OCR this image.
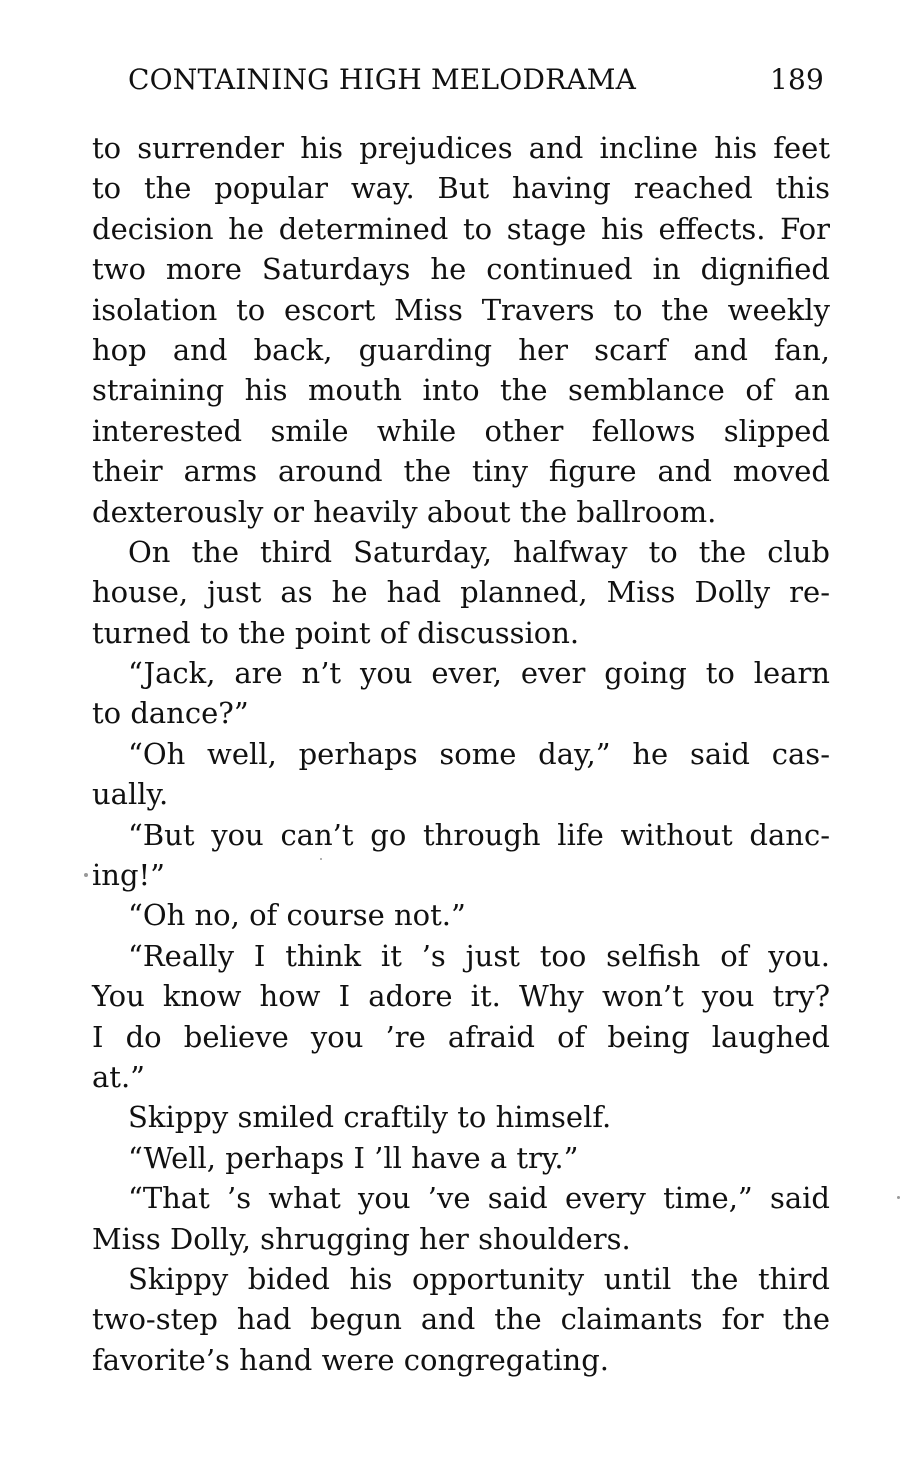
CONTAINING HIGH MELODRAMA	189
to surrender his prejudices and incline his feet
to the popular way. But having reached this
decision he determined to stage his effects. For
two more Saturdays he continued in dignified
isolation to escort Miss Travers to the weekly
hop and back, guarding her scarf and fan,
straining his mouth into the semblance of an
interested smile while other fellows slipped
their arms around the tiny figure and moved
dexterously or heavily about the ballroom.
On the third Saturday, halfway to the club
house, just as he had planned, Miss Dolly re-
turned to the point of discussion.
“Jack, are n’t you ever, ever going to learn
to dance?”
“Oh well, perhaps some day,” he said cas-
ually.
“But you can’t go through life without danc-
ing!”
“Oh no, of course not.”
“Really I think it ’s just too selfish of you.
You know how I adore it. Why won’t you try?
I do believe you ’re afraid of being laughed
at.”
Skippy smiled craftily to himself.
“Well, perhaps I ’ll have a try.”
“That ’s what you ’ve said every time,” said
Miss Dolly, shrugging her shoulders.
Skippy bided his opportunity until the third
two-step had begun and the claimants for the
favorite’s hand were congregating.
